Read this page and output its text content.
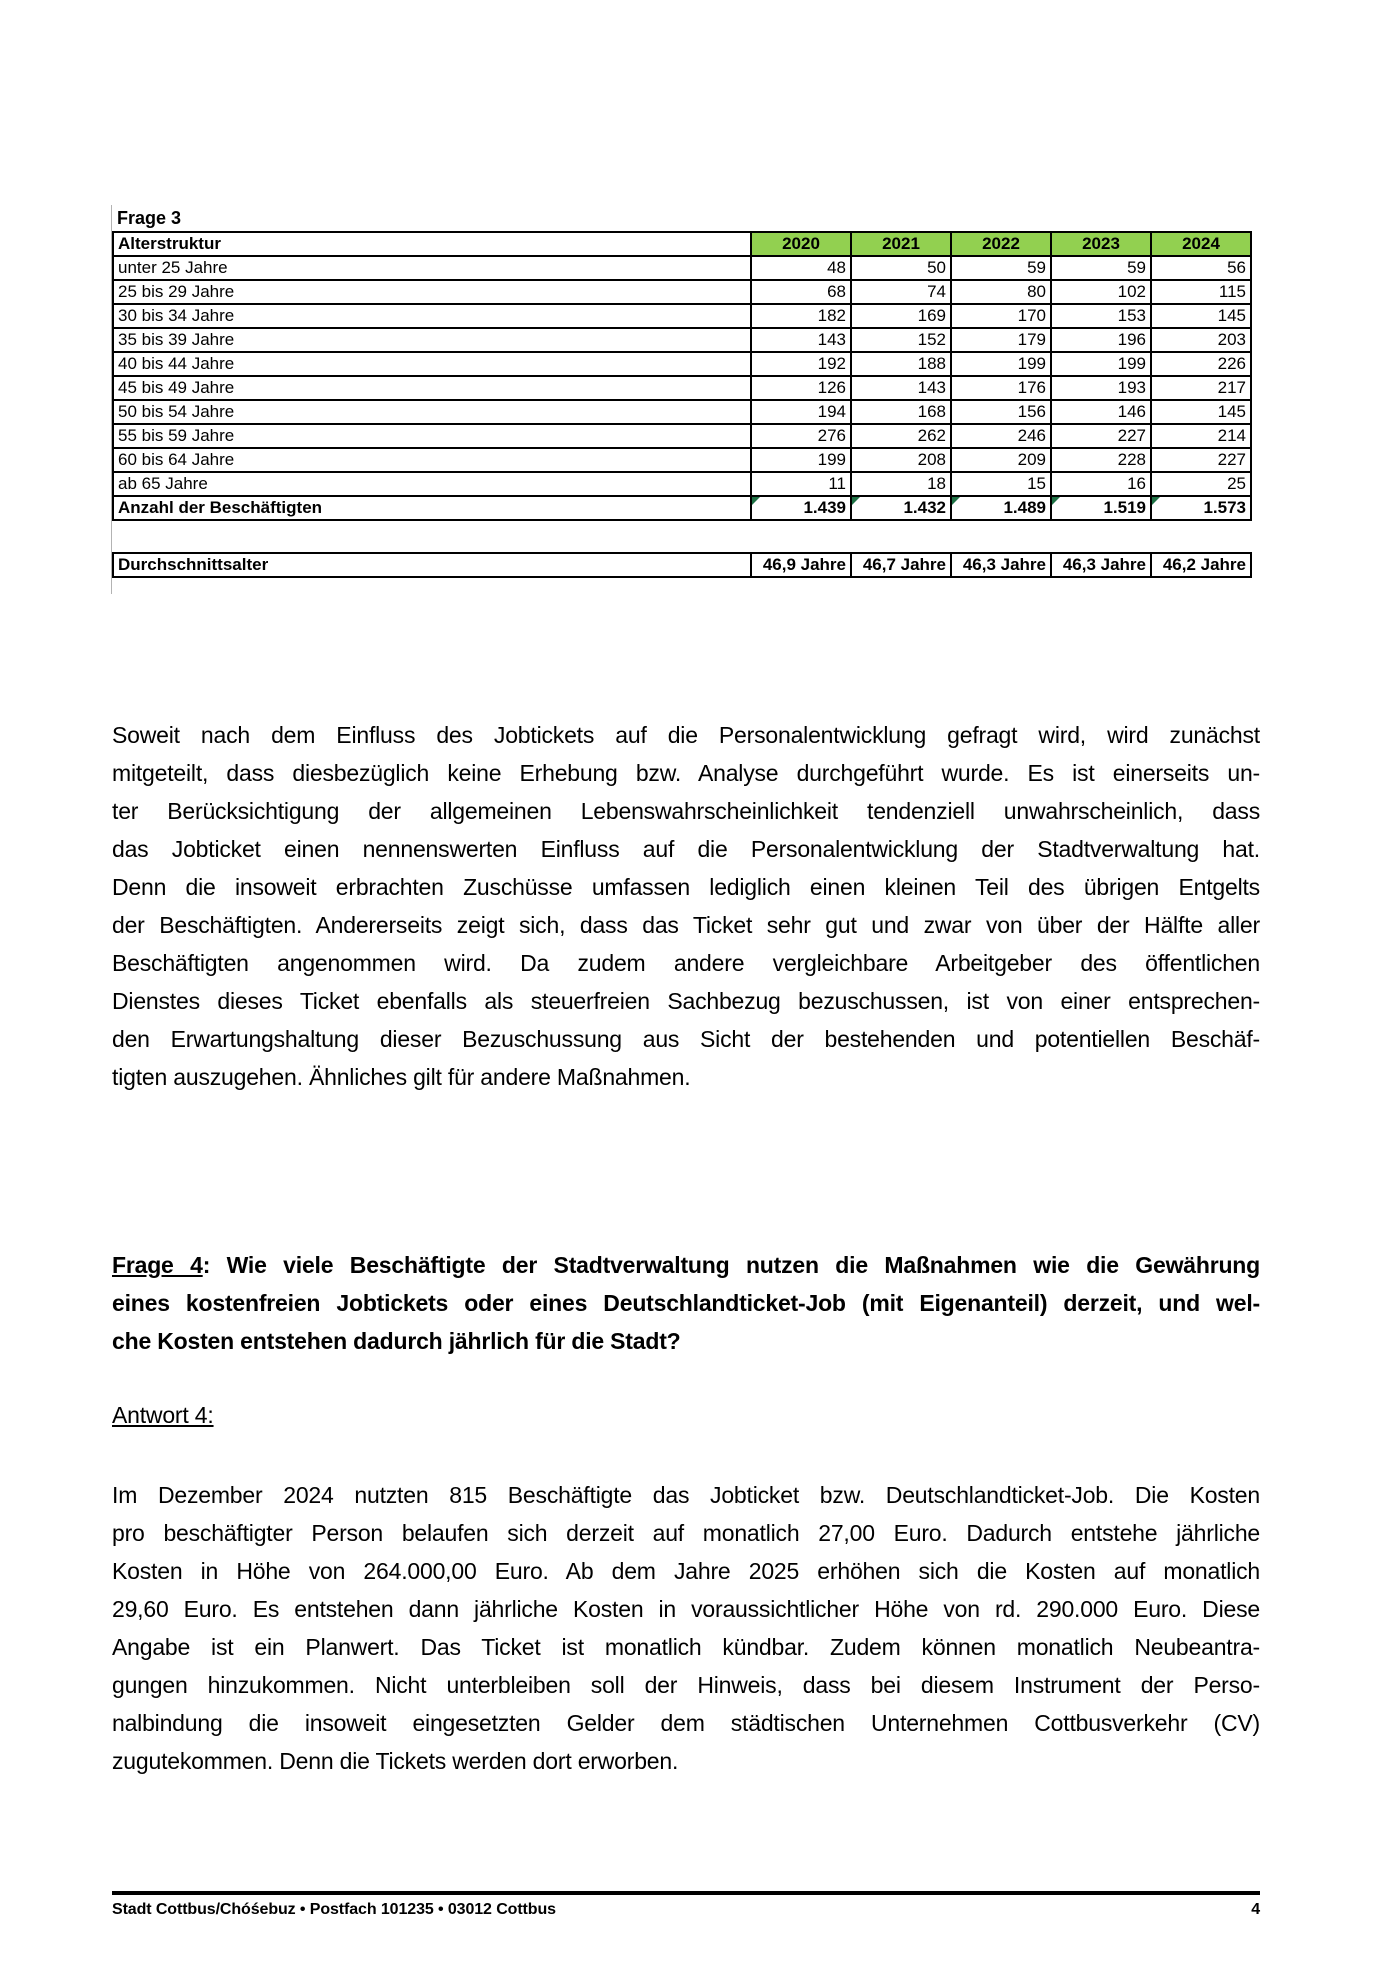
Frage 3
Alterstruktur	2020	2021	2022	2023	2024
unter 25 Jahre	48	50	59	59	56
25 bis 29 Jahre	68	74	80	102	115
30 bis 34 Jahre	182	169	170	153	145
35 bis 39 Jahre	143	152	179	196	203
40 bis 44 Jahre	192	188	199	199	226
45 bis 49 Jahre	126	143	176	193	217
50 bis 54 Jahre	194	168	156	146	145
55 bis 59 Jahre	276	262	246	227	214
60 bis 64 Jahre	199	208	209	228	227
ab 65 Jahre	11	18	15	16	25
Anzahl der Beschäftigten	1.439	1.432	1.489	1.519	1.573
Durchschnittsalter	46,9 Jahre	46,7 Jahre	46,3 Jahre	46,3 Jahre	46,2 Jahre
Soweit nach dem Einfluss des Jobtickets auf die Personalentwicklung gefragt wird, wird zunächst
mitgeteilt, dass diesbezüglich keine Erhebung bzw. Analyse durchgeführt wurde. Es ist einerseits un-
ter Berücksichtigung der allgemeinen Lebenswahrscheinlichkeit tendenziell unwahrscheinlich, dass
das Jobticket einen nennenswerten Einfluss auf die Personalentwicklung der Stadtverwaltung hat.
Denn die insoweit erbrachten Zuschüsse umfassen lediglich einen kleinen Teil des übrigen Entgelts
der Beschäftigten. Andererseits zeigt sich, dass das Ticket sehr gut und zwar von über der Hälfte aller
Beschäftigten angenommen wird. Da zudem andere vergleichbare Arbeitgeber des öffentlichen
Dienstes dieses Ticket ebenfalls als steuerfreien Sachbezug bezuschussen, ist von einer entsprechen-
den Erwartungshaltung dieser Bezuschussung aus Sicht der bestehenden und potentiellen Beschäf-
tigten auszugehen. Ähnliches gilt für andere Maßnahmen.
Frage 4: Wie viele Beschäftigte der Stadtverwaltung nutzen die Maßnahmen wie die Gewährung
eines kostenfreien Jobtickets oder eines Deutschlandticket-Job (mit Eigenanteil) derzeit, und wel-
che Kosten entstehen dadurch jährlich für die Stadt?
Antwort 4:
Im Dezember 2024 nutzten 815 Beschäftigte das Jobticket bzw. Deutschlandticket-Job. Die Kosten
pro beschäftigter Person belaufen sich derzeit auf monatlich 27,00 Euro. Dadurch entstehe jährliche
Kosten in Höhe von 264.000,00 Euro. Ab dem Jahre 2025 erhöhen sich die Kosten auf monatlich
29,60 Euro. Es entstehen dann jährliche Kosten in voraussichtlicher Höhe von rd. 290.000 Euro. Diese
Angabe ist ein Planwert. Das Ticket ist monatlich kündbar. Zudem können monatlich Neubeantra-
gungen hinzukommen. Nicht unterbleiben soll der Hinweis, dass bei diesem Instrument der Perso-
nalbindung die insoweit eingesetzten Gelder dem städtischen Unternehmen Cottbusverkehr (CV)
zugutekommen. Denn die Tickets werden dort erworben.
Stadt Cottbus/Chóśebuz • Postfach 101235 • 03012 Cottbus	4
